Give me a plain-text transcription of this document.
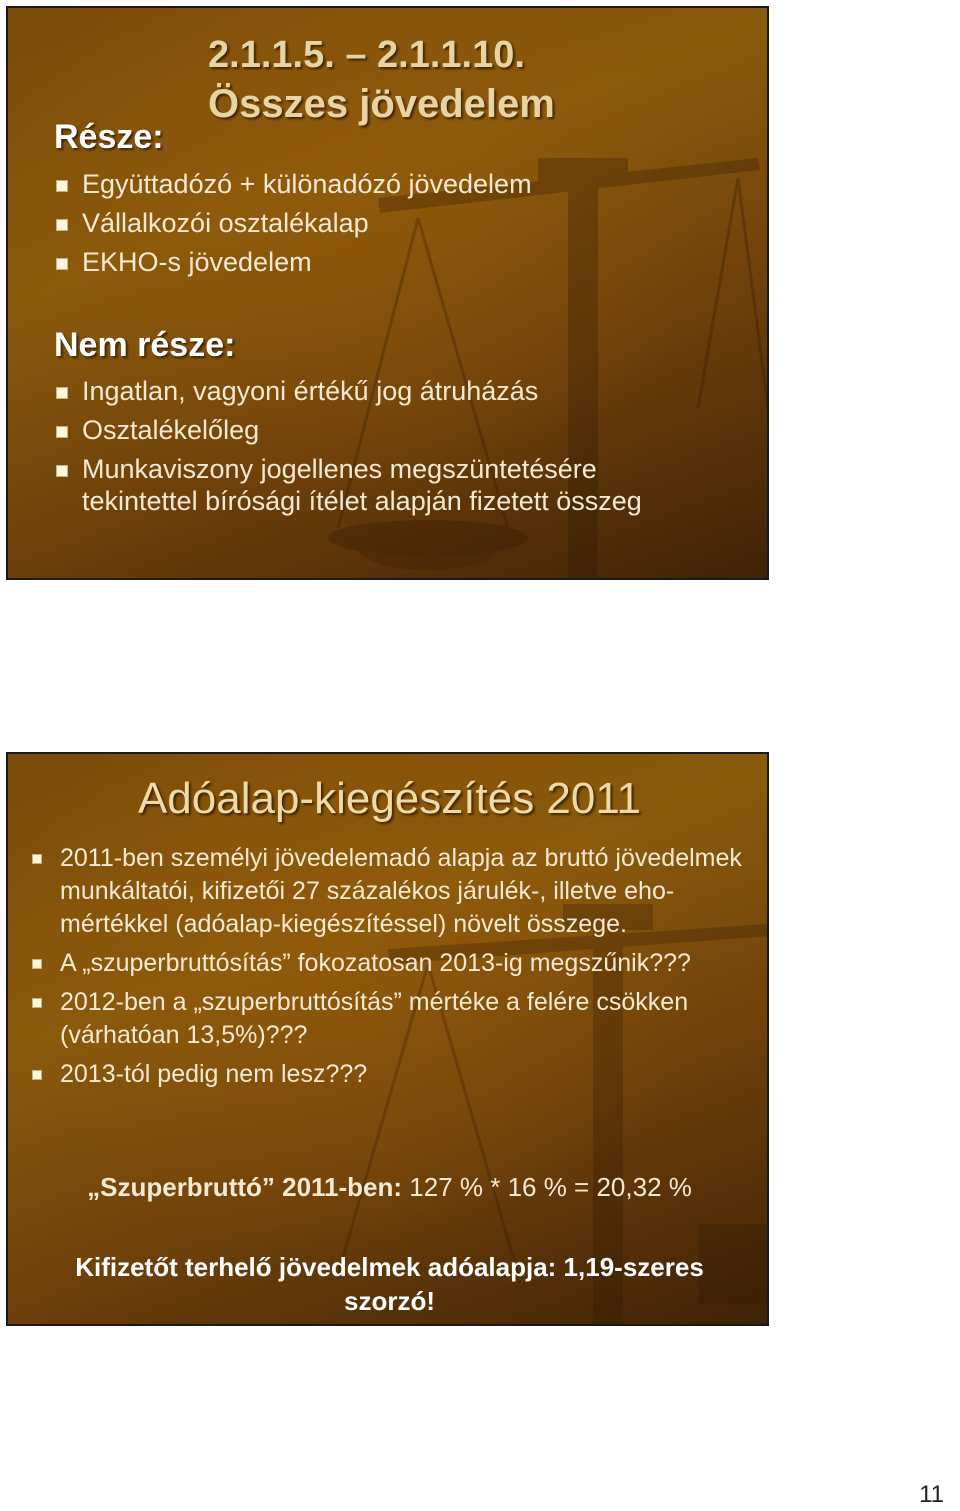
2.1.1.5. – 2.1.1.10.

Összes jövedelem

Része:

Együttadózó + különadózó jövedelem
Vállalkozói osztalékalap
EKHO-s jövedelem

Nem része:

Ingatlan, vagyoni értékű jog átruházás
Osztalékelőleg
Munkaviszony jogellenes megszüntetésére tekintettel bírósági ítélet alapján fizetett összeg

Adóalap-kiegészítés 2011

2011-ben személyi jövedelemadó alapja az bruttó jövedelmek munkáltatói, kifizetői 27 százalékos járulék-, illetve eho-mértékkel (adóalap-kiegészítéssel) növelt összege.
A „szuperbruttósítás” fokozatosan 2013-ig megszűnik???
2012-ben a „szuperbruttósítás” mértéke a felére csökken (várhatóan 13,5%)???
2013-tól pedig nem lesz???

„Szuperbruttó” 2011-ben: 127 % * 16 % = 20,32 %

Kifizetőt terhelő jövedelmek adóalapja: 1,19-szeres
szorzó!

11
